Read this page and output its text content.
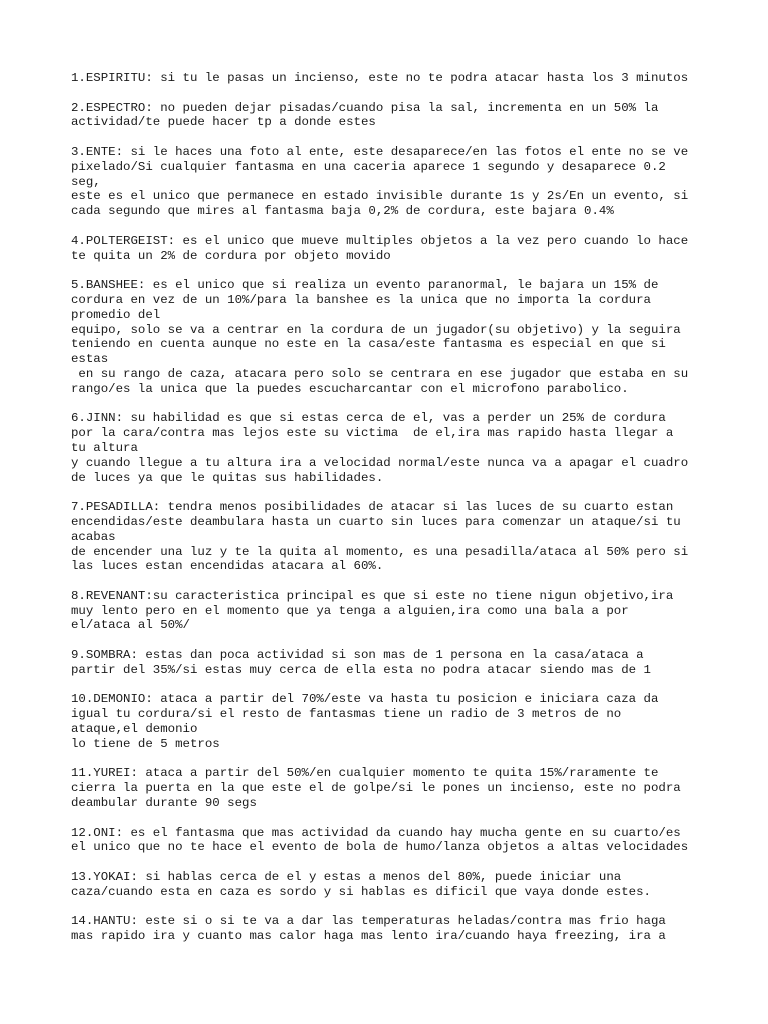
1.ESPIRITU: si tu le pasas un incienso, este no te podra atacar hasta los 3 minutos
2.ESPECTRO: no pueden dejar pisadas/cuando pisa la sal, incrementa en un 50% la
actividad/te puede hacer tp a donde estes
3.ENTE: si le haces una foto al ente, este desaparece/en las fotos el ente no se ve
pixelado/Si cualquier fantasma en una caceria aparece 1 segundo y desaparece 0.2
seg,
este es el unico que permanece en estado invisible durante 1s y 2s/En un evento, si
cada segundo que mires al fantasma baja 0,2% de cordura, este bajara 0.4%
4.POLTERGEIST: es el unico que mueve multiples objetos a la vez pero cuando lo hace
te quita un 2% de cordura por objeto movido
5.BANSHEE: es el unico que si realiza un evento paranormal, le bajara un 15% de
cordura en vez de un 10%/para la banshee es la unica que no importa la cordura
promedio del
equipo, solo se va a centrar en la cordura de un jugador(su objetivo) y la seguira
teniendo en cuenta aunque no este en la casa/este fantasma es especial en que si
estas
en su rango de caza, atacara pero solo se centrara en ese jugador que estaba en su
rango/es la unica que la puedes escucharcantar con el microfono parabolico.
6.JINN: su habilidad es que si estas cerca de el, vas a perder un 25% de cordura
por la cara/contra mas lejos este su victima  de el,ira mas rapido hasta llegar a
tu altura
y cuando llegue a tu altura ira a velocidad normal/este nunca va a apagar el cuadro
de luces ya que le quitas sus habilidades.
7.PESADILLA: tendra menos posibilidades de atacar si las luces de su cuarto estan
encendidas/este deambulara hasta un cuarto sin luces para comenzar un ataque/si tu
acabas
de encender una luz y te la quita al momento, es una pesadilla/ataca al 50% pero si
las luces estan encendidas atacara al 60%.
8.REVENANT:su caracteristica principal es que si este no tiene nigun objetivo,ira
muy lento pero en el momento que ya tenga a alguien,ira como una bala a por
el/ataca al 50%/
9.SOMBRA: estas dan poca actividad si son mas de 1 persona en la casa/ataca a
partir del 35%/si estas muy cerca de ella esta no podra atacar siendo mas de 1
10.DEMONIO: ataca a partir del 70%/este va hasta tu posicion e iniciara caza da
igual tu cordura/si el resto de fantasmas tiene un radio de 3 metros de no
ataque,el demonio
lo tiene de 5 metros
11.YUREI: ataca a partir del 50%/en cualquier momento te quita 15%/raramente te
cierra la puerta en la que este el de golpe/si le pones un incienso, este no podra
deambular durante 90 segs
12.ONI: es el fantasma que mas actividad da cuando hay mucha gente en su cuarto/es
el unico que no te hace el evento de bola de humo/lanza objetos a altas velocidades
13.YOKAI: si hablas cerca de el y estas a menos del 80%, puede iniciar una
caza/cuando esta en caza es sordo y si hablas es dificil que vaya donde estes.
14.HANTU: este si o si te va a dar las temperaturas heladas/contra mas frio haga
mas rapido ira y cuanto mas calor haga mas lento ira/cuando haya freezing, ira a
